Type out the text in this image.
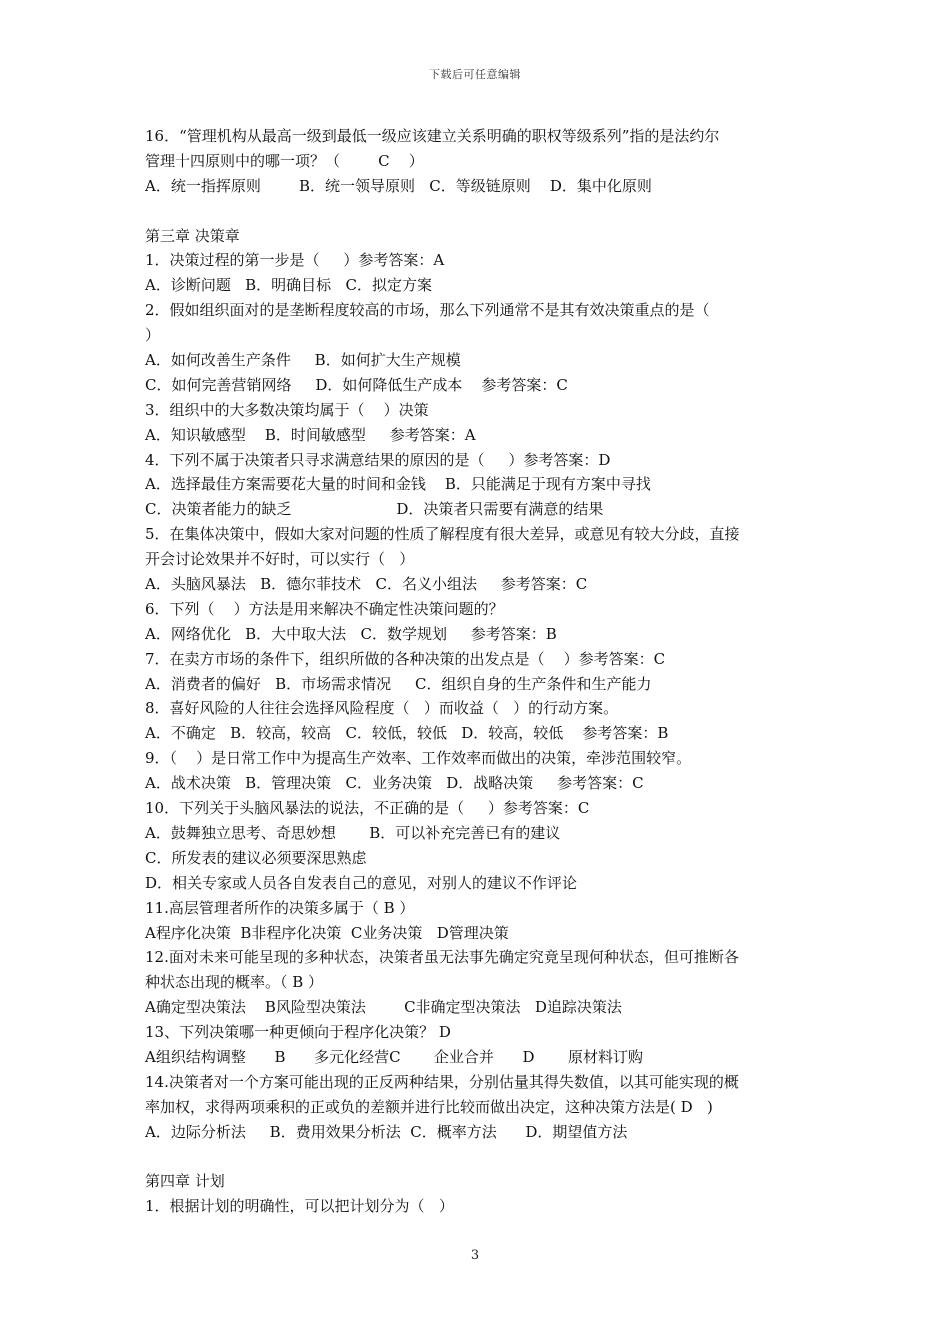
下载后可任意编辑
16．“管理机构从最高一级到最低一级应该建立关系明确的职权等级系列”指的是法约尔
管理十四原则中的哪一项？（        C    ）
A．统一指挥原则        B．统一领导原则   C．等级链原则    D．集中化原则
第三章 决策章
1．决策过程的第一步是（     ）参考答案：A
A．诊断问题   B．明确目标   C．拟定方案
2．假如组织面对的是垄断程度较高的市场，那么下列通常不是其有效决策重点的是（
）
A．如何改善生产条件     B．如何扩大生产规模
C．如何完善营销网络     D．如何降低生产成本    参考答案：C
3．组织中的大多数决策均属于（    ）决策
A．知识敏感型    B．时间敏感型     参考答案：A
4．下列不属于决策者只寻求满意结果的原因的是（     ）参考答案：D
A．选择最佳方案需要花大量的时间和金钱    B．只能满足于现有方案中寻找
C．决策者能力的缺乏                      D．决策者只需要有满意的结果
5．在集体决策中，假如大家对问题的性质了解程度有很大差异，或意见有较大分歧，直接
开会讨论效果并不好时，可以实行（   ）
A．头脑风暴法   B．德尔菲技术   C．名义小组法     参考答案：C
6．下列（    ）方法是用来解决不确定性决策问题的？
A．网络优化   B．大中取大法   C．数学规划     参考答案：B
7．在卖方市场的条件下，组织所做的各种决策的出发点是（    ）参考答案：C
A．消费者的偏好   B．市场需求情况     C．组织自身的生产条件和生产能力
8．喜好风险的人往往会选择风险程度（   ）而收益（   ）的行动方案。
A．不确定   B．较高，较高   C．较低，较低   D．较高，较低    参考答案：B
9．（    ）是日常工作中为提高生产效率、工作效率而做出的决策，牵涉范围较窄。
A．战术决策   B．管理决策   C．业务决策   D．战略决策     参考答案：C
10．下列关于头脑风暴法的说法，不正确的是（     ）参考答案：C
A．鼓舞独立思考、奇思妙想       B．可以补充完善已有的建议
C．所发表的建议必须要深思熟虑
D．相关专家或人员各自发表自己的意见，对别人的建议不作评论
11.高层管理者所作的决策多属于（ B ）
A程序化决策  B非程序化决策  C业务决策   D管理决策
12.面对未来可能呈现的多种状态，决策者虽无法事先确定究竟呈现何种状态，但可推断各
种状态出现的概率。（ B ）
A确定型决策法    B风险型决策法        C非确定型决策法   D追踪决策法
13、下列决策哪一种更倾向于程序化决策？ D
A组织结构调整      B      多元化经营C       企业合并      D       原材料订购
14.决策者对一个方案可能出现的正反两种结果，分别估量其得失数值，以其可能实现的概
率加权，求得两项乘积的正或负的差额并进行比较而做出决定，这种决策方法是( D   )
A．边际分析法     B．费用效果分析法  C．概率方法      D．期望值方法
第四章 计划
1．根据计划的明确性，可以把计划分为（   ）
3
